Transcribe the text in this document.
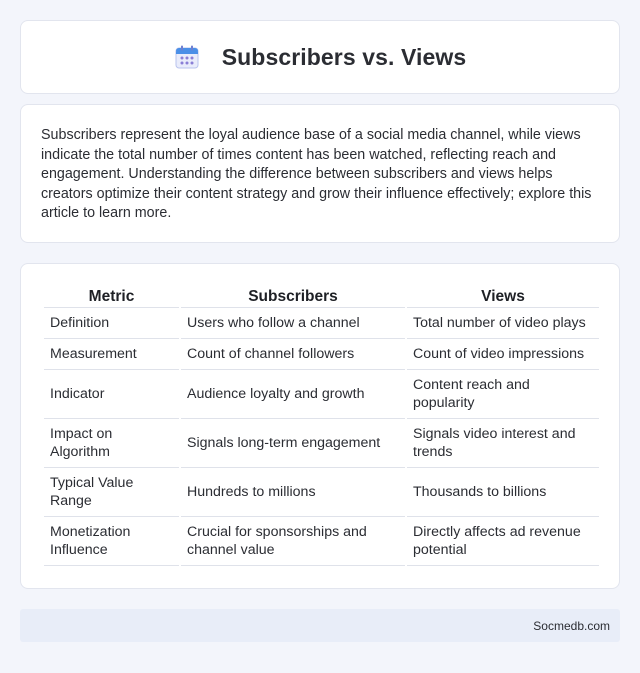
Subscribers vs. Views

Subscribers represent the loyal audience base of a social media channel, while views indicate the total number of times content has been watched, reflecting reach and engagement. Understanding the difference between subscribers and views helps creators optimize their content strategy and grow their influence effectively; explore this article to learn more.

Metric	Subscribers	Views
Definition	Users who follow a channel	Total number of video plays
Measurement	Count of channel followers	Count of video impressions
Indicator	Audience loyalty and growth	Content reach and popularity
Impact on Algorithm	Signals long-term engagement	Signals video interest and trends
Typical Value Range	Hundreds to millions	Thousands to billions
Monetization Influence	Crucial for sponsorships and channel value	Directly affects ad revenue potential
Socmedb.com
